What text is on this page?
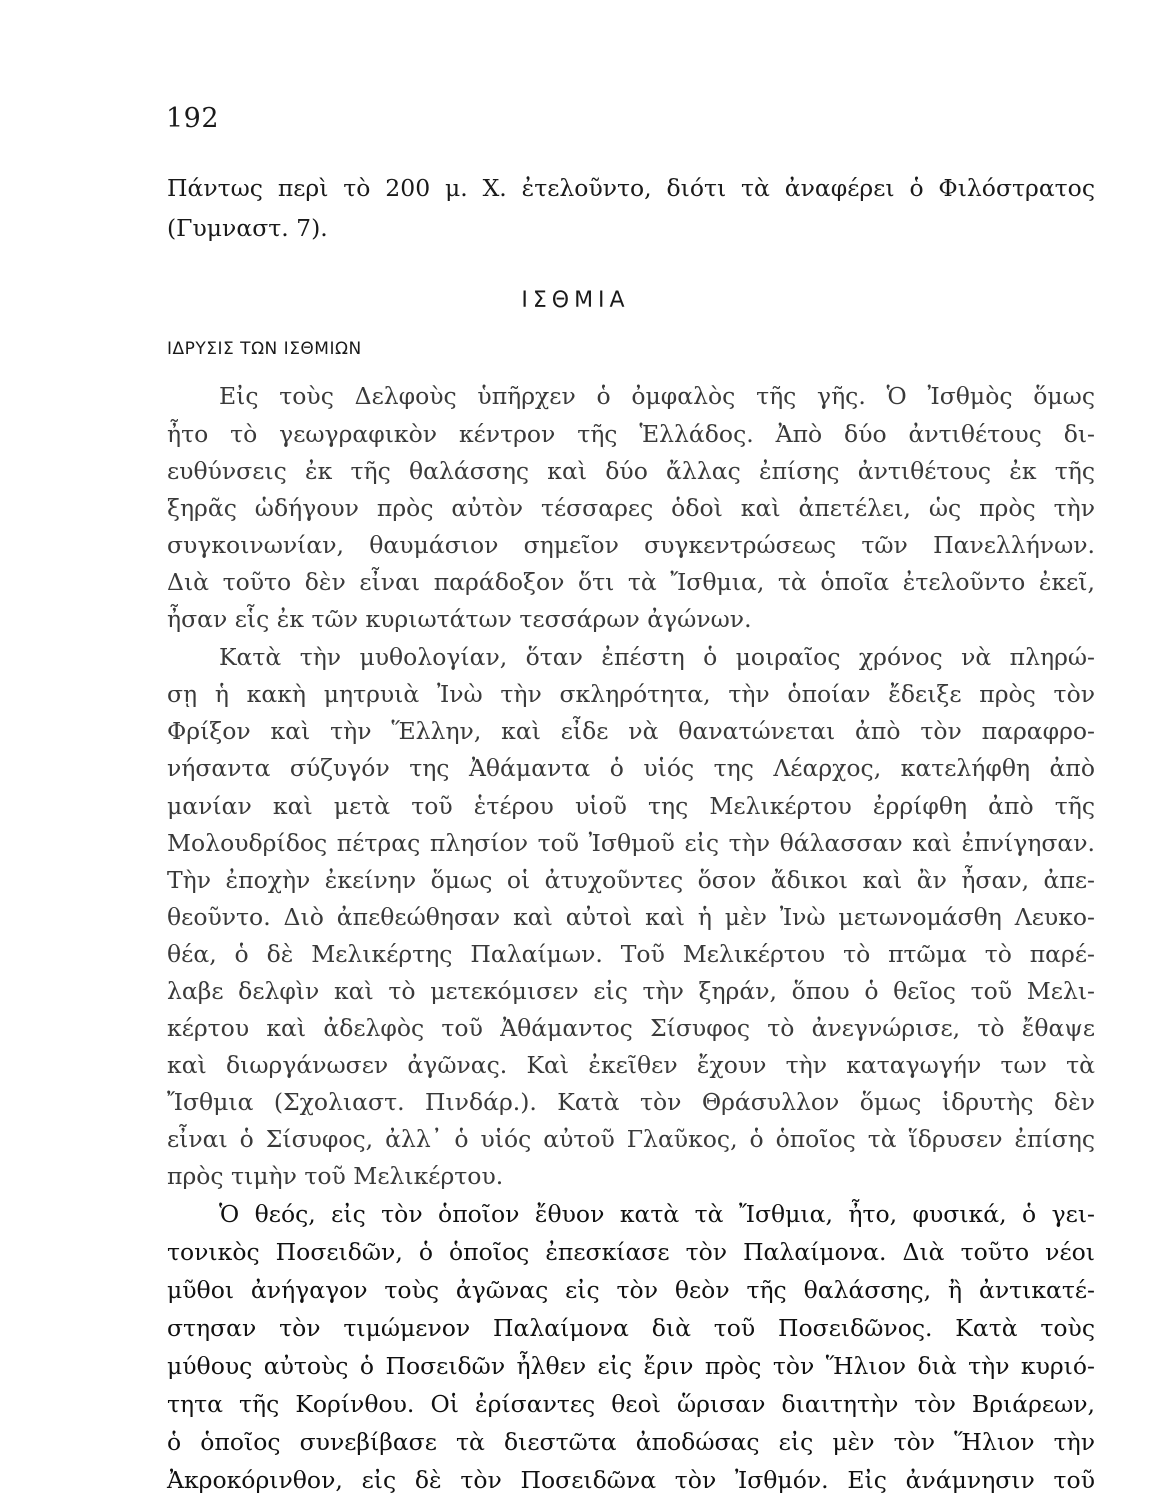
192
Πάντως περὶ τὸ 200 μ. Χ. ἐτελοῦντο, διότι τὰ ἀναφέρει ὁ Φιλόστρατος
(Γυμναστ. 7).
ΙΣΘΜΙΑ
ΙΔΡΥΣΙΣ ΤΩΝ ΙΣΘΜΙΩΝ
Εἰς τοὺς Δελφοὺς ὑπῆρχεν ὁ ὀμφαλὸς τῆς γῆς. Ὁ Ἰσθμὸς ὅμως
ἦτο τὸ γεωγραφικὸν κέντρον τῆς Ἑλλάδος. Ἀπὸ δύο ἀντιθέτους δι-
ευθύνσεις ἐκ τῆς θαλάσσης καὶ δύο ἄλλας ἐπίσης ἀντιθέτους ἐκ τῆς
ξηρᾶς ὡδήγουν πρὸς αὐτὸν τέσσαρες ὁδοὶ καὶ ἀπετέλει, ὡς πρὸς τὴν
συγκοινωνίαν, θαυμάσιον σημεῖον συγκεντρώσεως τῶν Πανελλήνων.
Διὰ τοῦτο δὲν εἶναι παράδοξον ὅτι τὰ Ἴσθμια, τὰ ὁποῖα ἐτελοῦντο ἐκεῖ,
ἦσαν εἷς ἐκ τῶν κυριωτάτων τεσσάρων ἀγώνων.
Κατὰ τὴν μυθολογίαν, ὅταν ἐπέστη ὁ μοιραῖος χρόνος νὰ πληρώ-
σῃ ἡ κακὴ μητρυιὰ Ἰνὼ τὴν σκληρότητα, τὴν ὁποίαν ἔδειξε πρὸς τὸν
Φρίξον καὶ τὴν Ἕλλην, καὶ εἶδε νὰ θανατώνεται ἀπὸ τὸν παραφρο-
νήσαντα σύζυγόν της Ἀθάμαντα ὁ υἱός της Λέαρχος, κατελήφθη ἀπὸ
μανίαν καὶ μετὰ τοῦ ἑτέρου υἱοῦ της Μελικέρτου ἐρρίφθη ἀπὸ τῆς
Μολουδρίδος πέτρας πλησίον τοῦ Ἰσθμοῦ εἰς τὴν θάλασσαν καὶ ἐπνίγησαν.
Τὴν ἐποχὴν ἐκείνην ὅμως οἱ ἀτυχοῦντες ὅσον ἄδικοι καὶ ἂν ἦσαν, ἀπε-
θεοῦντο. Διὸ ἀπεθεώθησαν καὶ αὐτοὶ καὶ ἡ μὲν Ἰνὼ μετωνομάσθη Λευκο-
θέα, ὁ δὲ Μελικέρτης Παλαίμων. Τοῦ Μελικέρτου τὸ πτῶμα τὸ παρέ-
λαβε δελφὶν καὶ τὸ μετεκόμισεν εἰς τὴν ξηράν, ὅπου ὁ θεῖος τοῦ Μελι-
κέρτου καὶ ἀδελφὸς τοῦ Ἀθάμαντος Σίσυφος τὸ ἀνεγνώρισε, τὸ ἔθαψε
καὶ διωργάνωσεν ἀγῶνας. Καὶ ἐκεῖθεν ἔχουν τὴν καταγωγήν των τὰ
Ἴσθμια (Σχολιαστ. Πινδάρ.). Κατὰ τὸν Θράσυλλον ὅμως ἱδρυτὴς δὲν
εἶναι ὁ Σίσυφος, ἀλλ᾽ ὁ υἱός αὐτοῦ Γλαῦκος, ὁ ὁποῖος τὰ ἵδρυσεν ἐπίσης
πρὸς τιμὴν τοῦ Μελικέρτου.
Ὁ θεός, εἰς τὸν ὁποῖον ἔθυον κατὰ τὰ Ἴσθμια, ἦτο, φυσικά, ὁ γει-
τονικὸς Ποσειδῶν, ὁ ὁποῖος ἐπεσκίασε τὸν Παλαίμονα. Διὰ τοῦτο νέοι
μῦθοι ἀνήγαγον τοὺς ἀγῶνας εἰς τὸν θεὸν τῆς θαλάσσης, ἢ ἀντικατέ-
στησαν τὸν τιμώμενον Παλαίμονα διὰ τοῦ Ποσειδῶνος. Κατὰ τοὺς
μύθους αὐτοὺς ὁ Ποσειδῶν ἦλθεν εἰς ἔριν πρὸς τὸν Ἥλιον διὰ τὴν κυριό-
τητα τῆς Κορίνθου. Οἱ ἐρίσαντες θεοὶ ὥρισαν διαιτητὴν τὸν Βριάρεων,
ὁ ὁποῖος συνεβίβασε τὰ διεστῶτα ἀποδώσας εἰς μὲν τὸν Ἥλιον τὴν
Ἀκροκόρινθον, εἰς δὲ τὸν Ποσειδῶνα τὸν Ἰσθμόν. Εἰς ἀνάμνησιν τοῦ
